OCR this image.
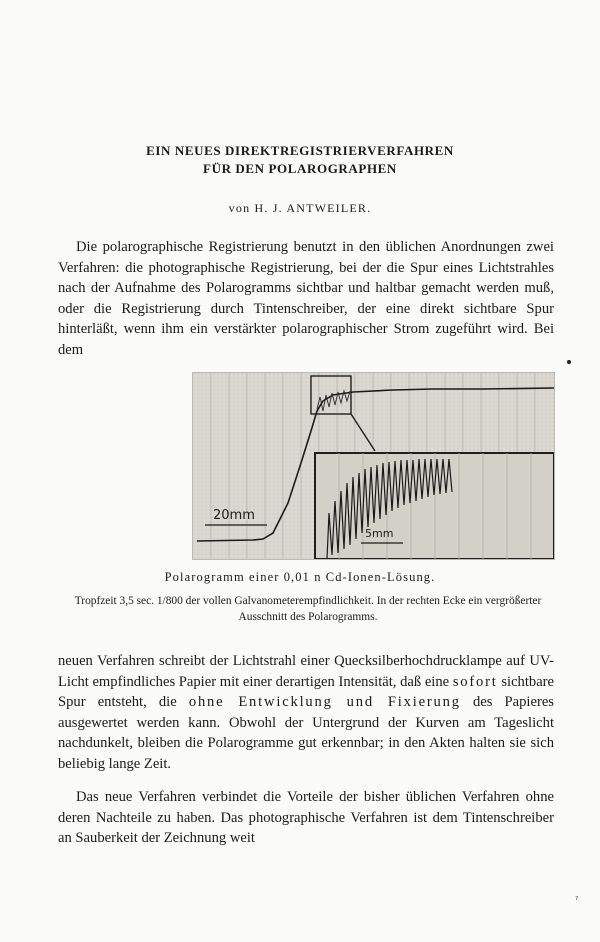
EIN NEUES DIREKTREGISTRIERVERFAHREN
FÜR DEN POLAROGRAPHEN
von H. J. ANTWEILER.

Die polarographische Registrierung benutzt in den üblichen Anordnungen zwei Verfahren: die photographische Registrierung, bei der die Spur eines Lichtstrahles nach der Aufnahme des Polarogramms sichtbar und haltbar gemacht werden muß, oder die Registrierung durch Tintenschreiber, der eine direkt sichtbare Spur hinterläßt, wenn ihm ein verstärkter polarographischer Strom zugeführt wird. Bei dem

20mm
5mm
Polarogramm einer 0,01 n Cd-Ionen-Lösung.
Tropfzeit 3,5 sec. 1/800 der vollen Galvanometerempfindlichkeit. In der rechten Ecke ein vergrößerter Ausschnitt des Polarogramms.

neuen Verfahren schreibt der Lichtstrahl einer Quecksilberhochdrucklampe auf UV-Licht empfindliches Papier mit einer derartigen Intensität, daß eine sofort sichtbare Spur entsteht, die ohne Entwicklung und Fixierung des Papieres ausgewertet werden kann. Obwohl der Untergrund der Kurven am Tageslicht nachdunkelt, bleiben die Polarogramme gut erkennbar; in den Akten halten sie sich beliebig lange Zeit.

Das neue Verfahren verbindet die Vorteile der bisher üblichen Verfahren ohne deren Nachteile zu haben. Das photographische Verfahren ist dem Tintenschreiber an Sauberkeit der Zeichnung weit

ˀ
